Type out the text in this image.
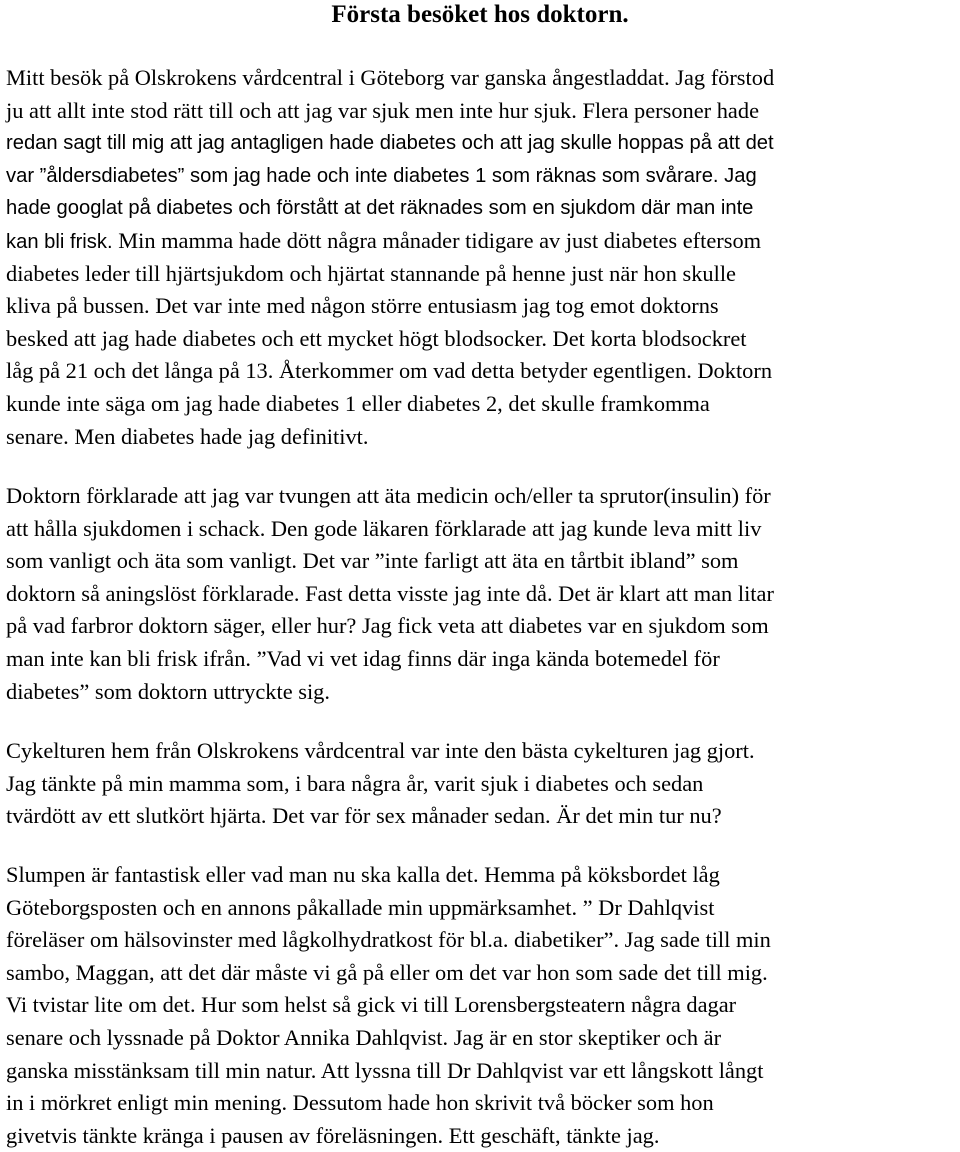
Första besöket hos doktorn.
Mitt besök på Olskrokens vårdcentral i Göteborg var ganska ångestladdat. Jag förstod
ju att allt inte stod rätt till och att jag var sjuk men inte hur sjuk. Flera personer hade
redan sagt till mig att jag antagligen hade diabetes och att jag skulle hoppas på att det
var ”åldersdiabetes” som jag hade och inte diabetes 1 som räknas som svårare. Jag
hade googlat på diabetes och förstått at det räknades som en sjukdom där man inte
kan bli frisk. Min mamma hade dött några månader tidigare av just diabetes eftersom
diabetes leder till hjärtsjukdom och hjärtat stannande på henne just när hon skulle
kliva på bussen. Det var inte med någon större entusiasm jag tog emot doktorns
besked att jag hade diabetes och ett mycket högt blodsocker. Det korta blodsockret
låg på 21 och det långa på 13. Återkommer om vad detta betyder egentligen. Doktorn
kunde inte säga om jag hade diabetes 1 eller diabetes 2, det skulle framkomma
senare. Men diabetes hade jag definitivt.
Doktorn förklarade att jag var tvungen att äta medicin och/eller ta sprutor(insulin) för
att hålla sjukdomen i schack. Den gode läkaren förklarade att jag kunde leva mitt liv
som vanligt och äta som vanligt. Det var ”inte farligt att äta en tårtbit ibland” som
doktorn så aningslöst förklarade. Fast detta visste jag inte då. Det är klart att man litar
på vad farbror doktorn säger, eller hur? Jag fick veta att diabetes var en sjukdom som
man inte kan bli frisk ifrån. ”Vad vi vet idag finns där inga kända botemedel för
diabetes” som doktorn uttryckte sig.
Cykelturen hem från Olskrokens vårdcentral var inte den bästa cykelturen jag gjort.
Jag tänkte på min mamma som, i bara några år, varit sjuk i diabetes och sedan
tvärdött av ett slutkört hjärta. Det var för sex månader sedan. Är det min tur nu?
Slumpen är fantastisk eller vad man nu ska kalla det. Hemma på köksbordet låg
Göteborgsposten och en annons påkallade min uppmärksamhet. ” Dr Dahlqvist
föreläser om hälsovinster med lågkolhydratkost för bl.a. diabetiker”. Jag sade till min
sambo, Maggan, att det där måste vi gå på eller om det var hon som sade det till mig.
Vi tvistar lite om det. Hur som helst så gick vi till Lorensbergsteatern några dagar
senare och lyssnade på Doktor Annika Dahlqvist. Jag är en stor skeptiker och är
ganska misstänksam till min natur. Att lyssna till Dr Dahlqvist var ett långskott långt
in i mörkret enligt min mening. Dessutom hade hon skrivit två böcker som hon
givetvis tänkte kränga i pausen av föreläsningen. Ett geschäft, tänkte jag.
